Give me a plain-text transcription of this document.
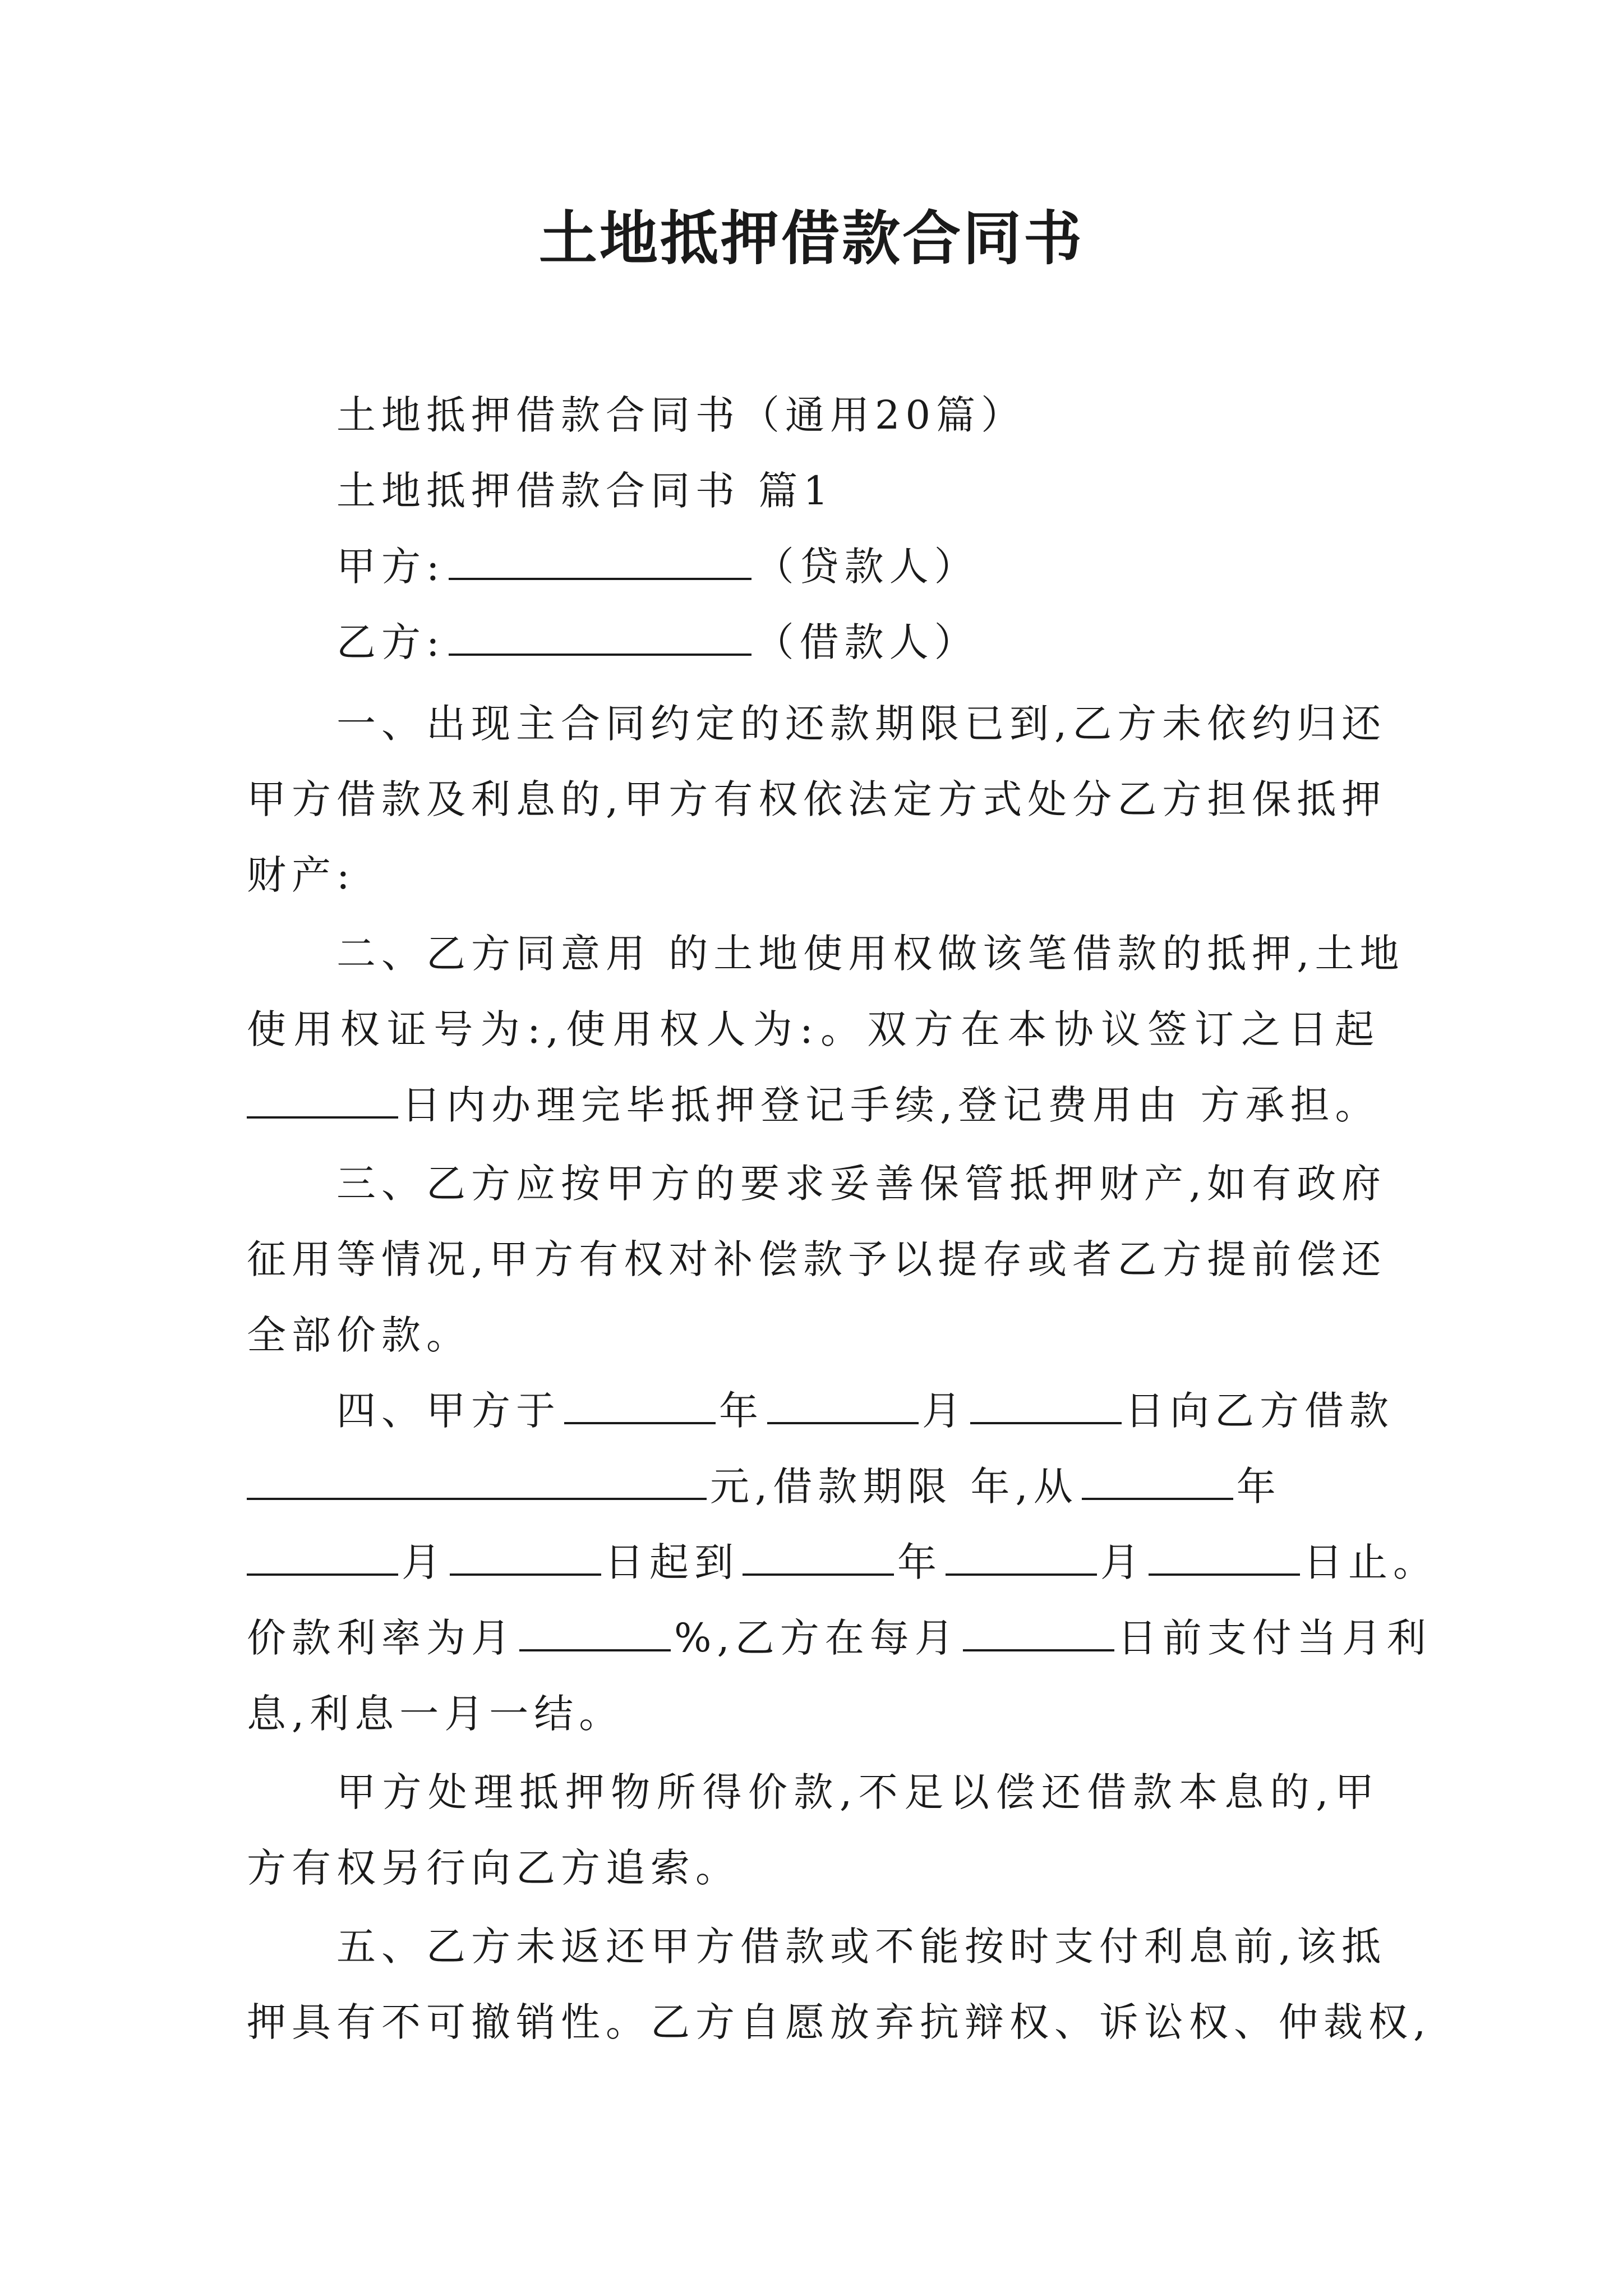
土地抵押借款合同书

土地抵押借款合同书（通用20篇）

土地抵押借款合同书 篇1

甲方:	（贷款人）

乙方:	（借款人）

一、出现主合同约定的还款期限已到,乙方未依约归还

甲方借款及利息的,甲方有权依法定方式处分乙方担保抵押

财产:

二、乙方同意用 的土地使用权做该笔借款的抵押,土地

使用权证号为:,使用权人为:。双方在本协议签订之日起

日内办理完毕抵押登记手续,登记费用由 方承担。

三、乙方应按甲方的要求妥善保管抵押财产,如有政府

征用等情况,甲方有权对补偿款予以提存或者乙方提前偿还

全部价款。

四、甲方于	年	月	日向乙方借款

元,借款期限 年,从	年

月	日起到	年	月	日止。

价款利率为月	%,乙方在每月	日前支付当月利

息,利息一月一结。

甲方处理抵押物所得价款,不足以偿还借款本息的,甲

方有权另行向乙方追索。

五、乙方未返还甲方借款或不能按时支付利息前,该抵

押具有不可撤销性。乙方自愿放弃抗辩权、诉讼权、仲裁权,
